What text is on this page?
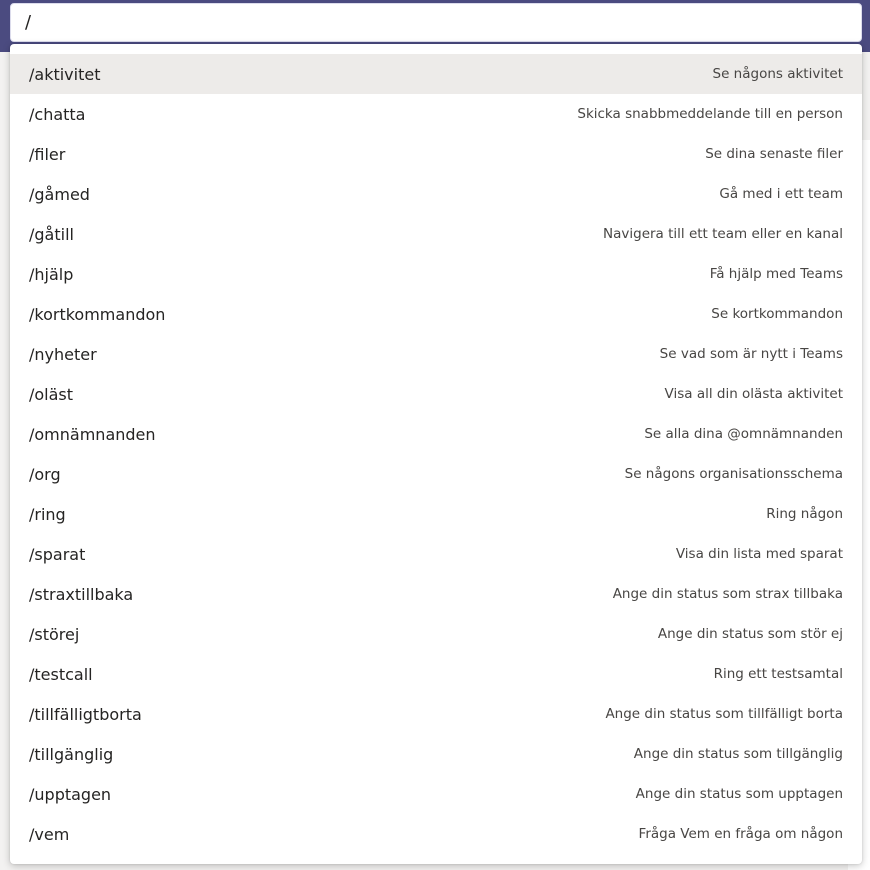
/
/aktivitet	Se någons aktivitet
/chatta	Skicka snabbmeddelande till en person
/filer	Se dina senaste filer
/gåmed	Gå med i ett team
/gåtill	Navigera till ett team eller en kanal
/hjälp	Få hjälp med Teams
/kortkommandon	Se kortkommandon
/nyheter	Se vad som är nytt i Teams
/oläst	Visa all din olästa aktivitet
/omnämnanden	Se alla dina @omnämnanden
/org	Se någons organisationsschema
/ring	Ring någon
/sparat	Visa din lista med sparat
/straxtillbaka	Ange din status som strax tillbaka
/störej	Ange din status som stör ej
/testcall	Ring ett testsamtal
/tillfälligtborta	Ange din status som tillfälligt borta
/tillgänglig	Ange din status som tillgänglig
/upptagen	Ange din status som upptagen
/vem	Fråga Vem en fråga om någon
